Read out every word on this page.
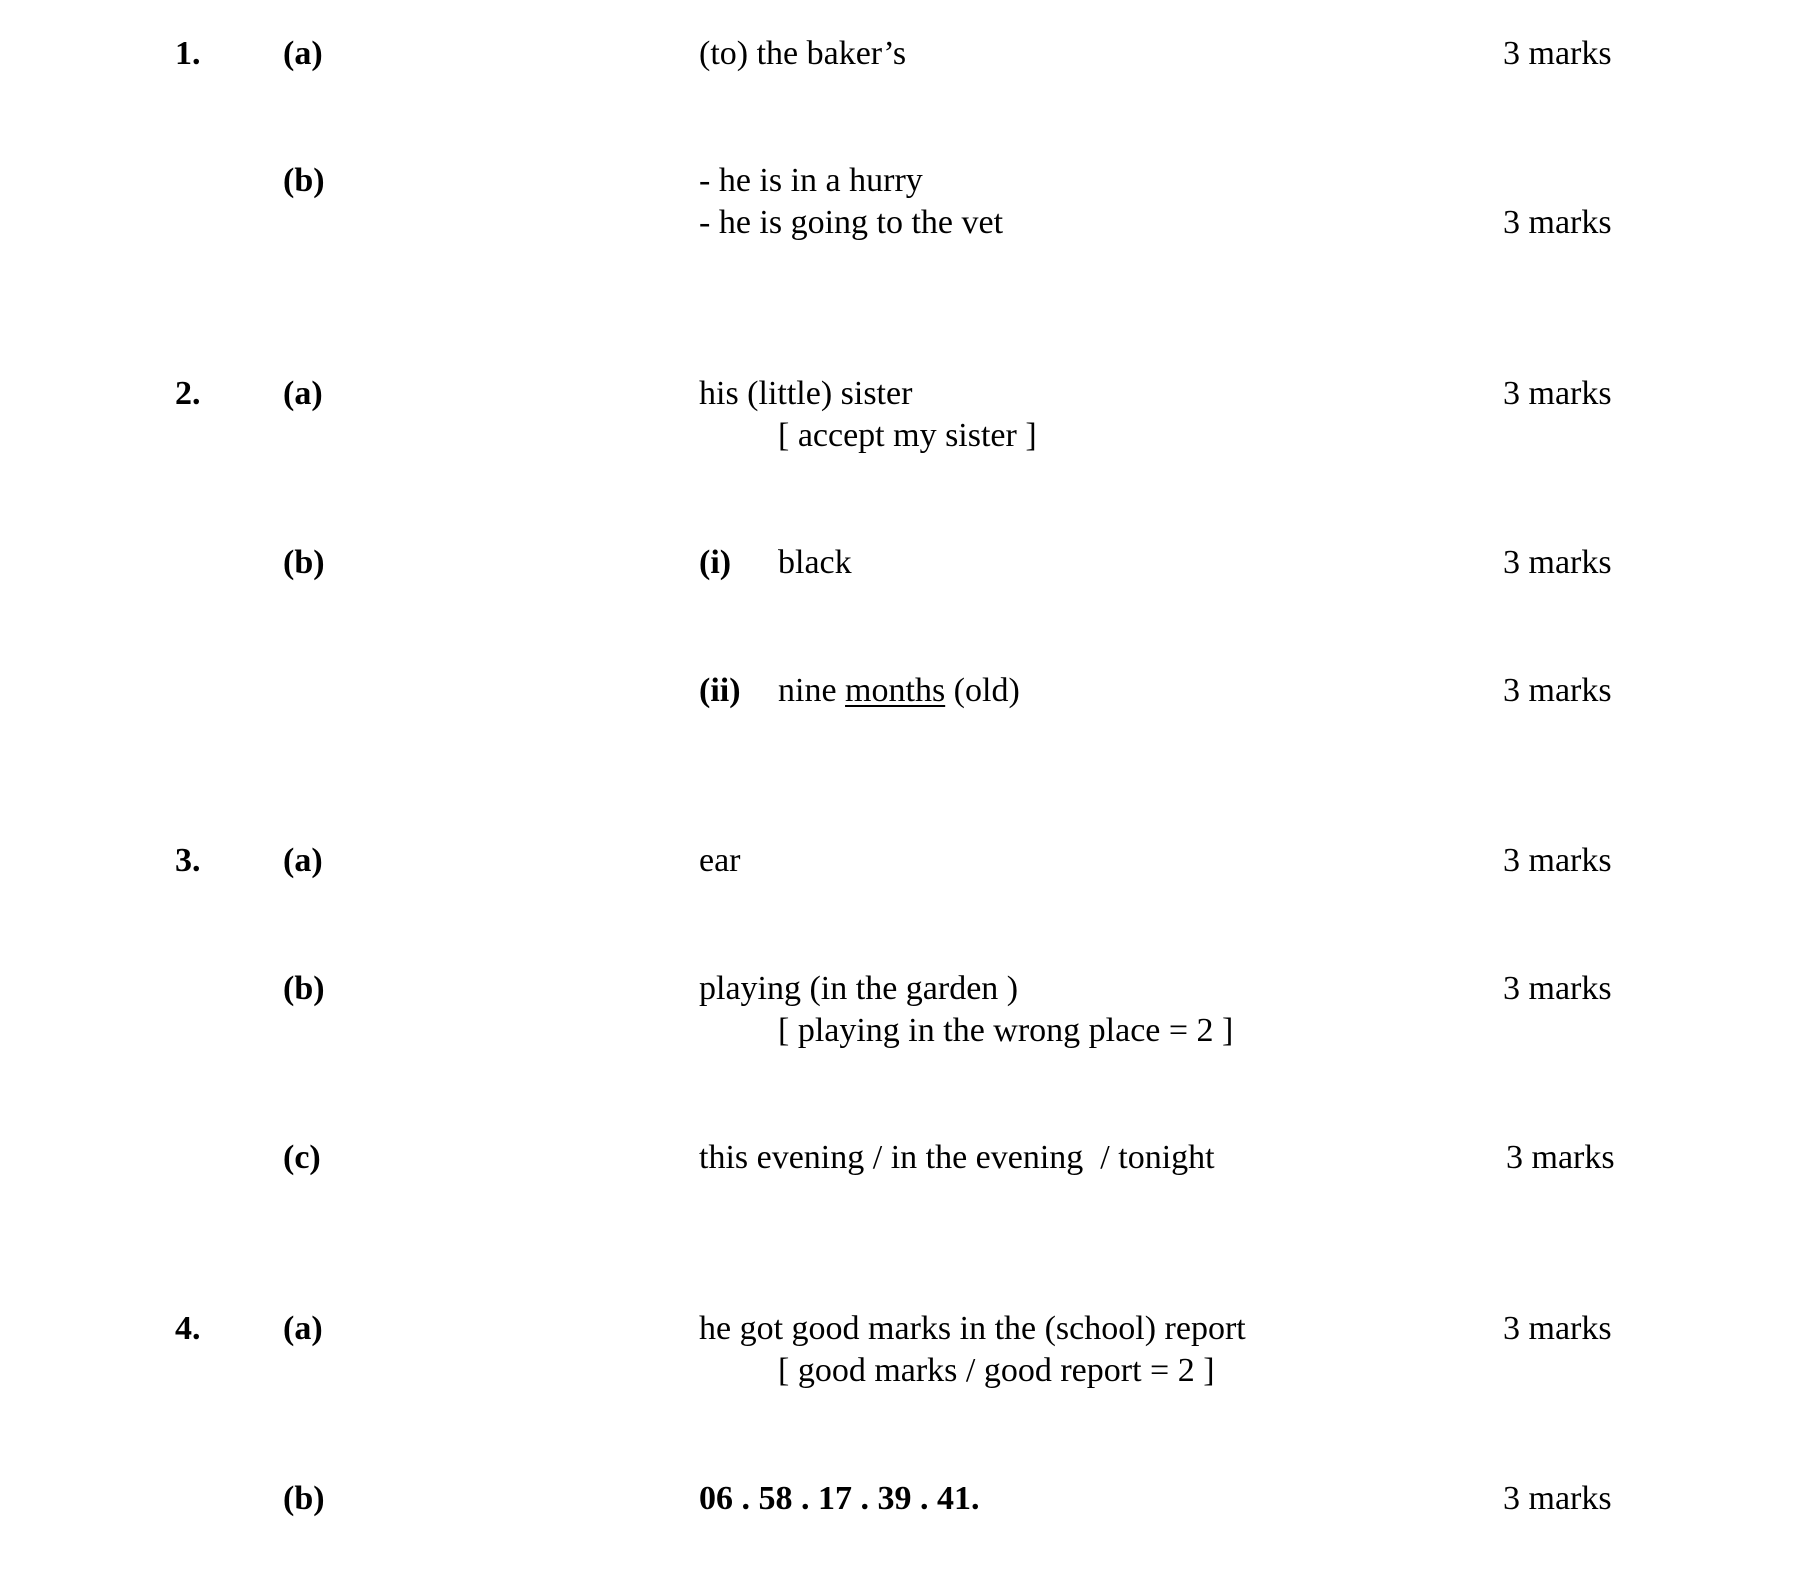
1. (a)	(to) the baker’s	3 marks
(b)	- he is in a hurry
- he is going to the vet	3 marks
2. (a)	his (little) sister
[ accept my sister ]
3 marks
(b)	(i) black	3 marks
(ii) nine months (old)	3 marks
3. (a)	ear	3 marks
(b)	playing (in the garden )
[ playing in the wrong place = 2 ]
3 marks
(c)	this evening / in the evening  / tonight	3 marks
4. (a)	he got good marks in the (school) report
[ good marks / good report = 2 ]
3 marks
(b)	06 . 58 . 17 . 39 . 41.	3 marks
